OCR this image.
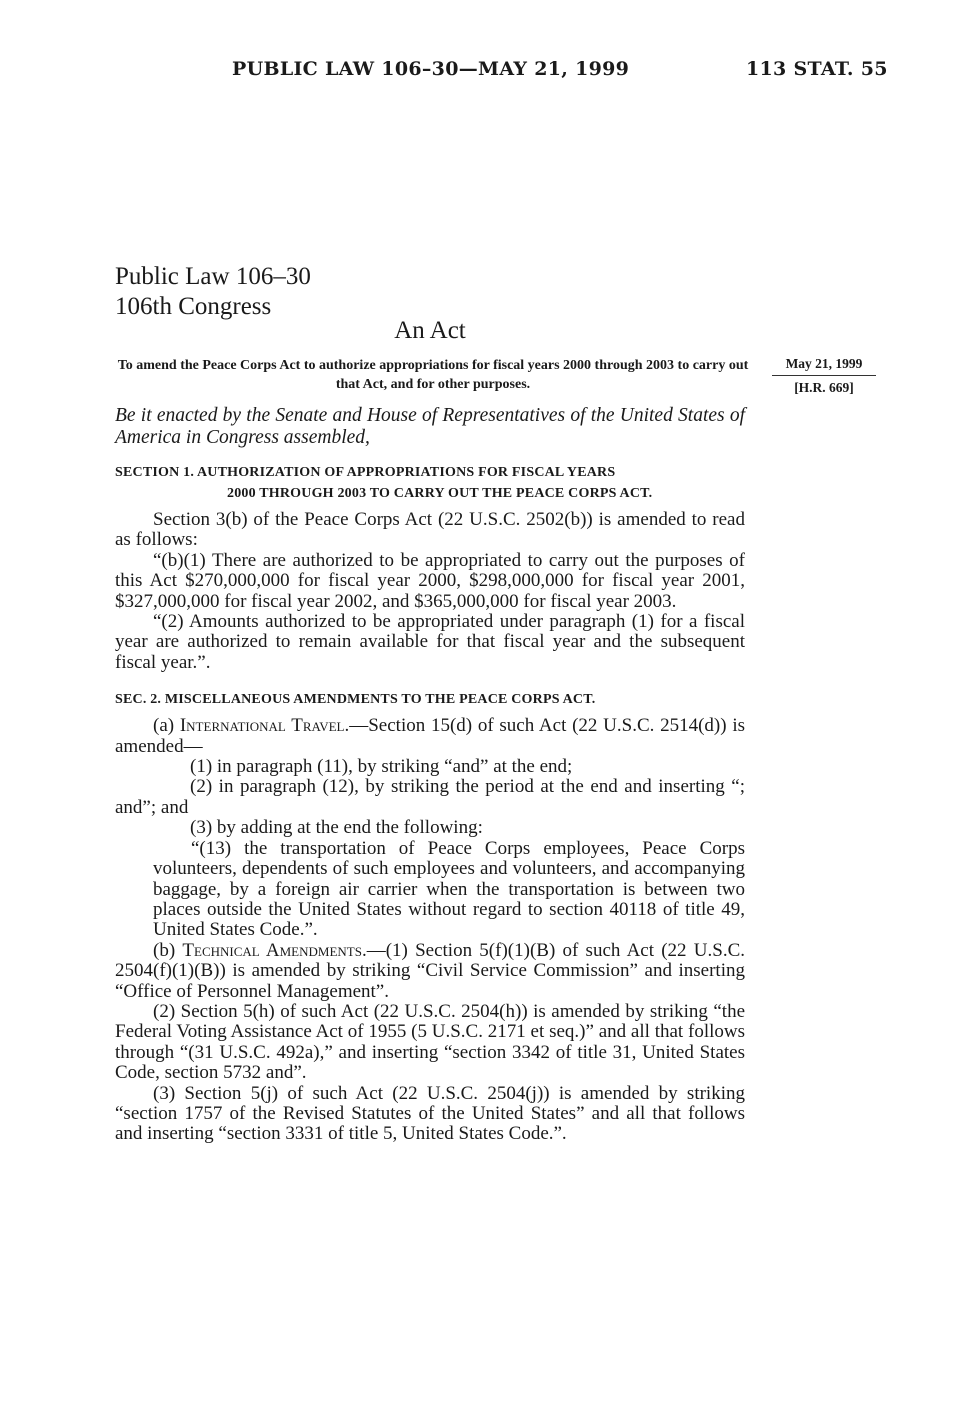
PUBLIC LAW 106–30—MAY 21, 1999	113 STAT. 55
Public Law 106–30
106th Congress
An Act
To amend the Peace Corps Act to authorize appropriations for fiscal years 2000 through 2003 to carry out that Act, and for other purposes.
May 21, 1999
[H.R. 669]
Be it enacted by the Senate and House of Representatives of the United States of America in Congress assembled,
SECTION 1. AUTHORIZATION OF APPROPRIATIONS FOR FISCAL YEARS
2000 THROUGH 2003 TO CARRY OUT THE PEACE CORPS ACT.

Section 3(b) of the Peace Corps Act (22 U.S.C. 2502(b)) is amended to read as follows:

“(b)(1) There are authorized to be appropriated to carry out the purposes of this Act $270,000,000 for fiscal year 2000, $298,000,000 for fiscal year 2001, $327,000,000 for fiscal year 2002, and $365,000,000 for fiscal year 2003.

“(2) Amounts authorized to be appropriated under paragraph (1) for a fiscal year are authorized to remain available for that fiscal year and the subsequent fiscal year.”.

SEC. 2. MISCELLANEOUS AMENDMENTS TO THE PEACE CORPS ACT.

(a) International Travel.—Section 15(d) of such Act (22 U.S.C. 2514(d)) is amended—

(1) in paragraph (11), by striking “and” at the end;

(2) in paragraph (12), by striking the period at the end and inserting “; and”; and

(3) by adding at the end the following:

“(13) the transportation of Peace Corps employees, Peace Corps volunteers, dependents of such employees and volunteers, and accompanying baggage, by a foreign air carrier when the transportation is between two places outside the United States without regard to section 40118 of title 49, United States Code.”.

(b) Technical Amendments.—(1) Section 5(f)(1)(B) of such Act (22 U.S.C. 2504(f)(1)(B)) is amended by striking “Civil Service Commission” and inserting “Office of Personnel Management”.

(2) Section 5(h) of such Act (22 U.S.C. 2504(h)) is amended by striking “the Federal Voting Assistance Act of 1955 (5 U.S.C. 2171 et seq.)” and all that follows through “(31 U.S.C. 492a),” and inserting “section 3342 of title 31, United States Code, section 5732 and”.

(3) Section 5(j) of such Act (22 U.S.C. 2504(j)) is amended by striking “section 1757 of the Revised Statutes of the United States” and all that follows and inserting “section 3331 of title 5, United States Code.”.
